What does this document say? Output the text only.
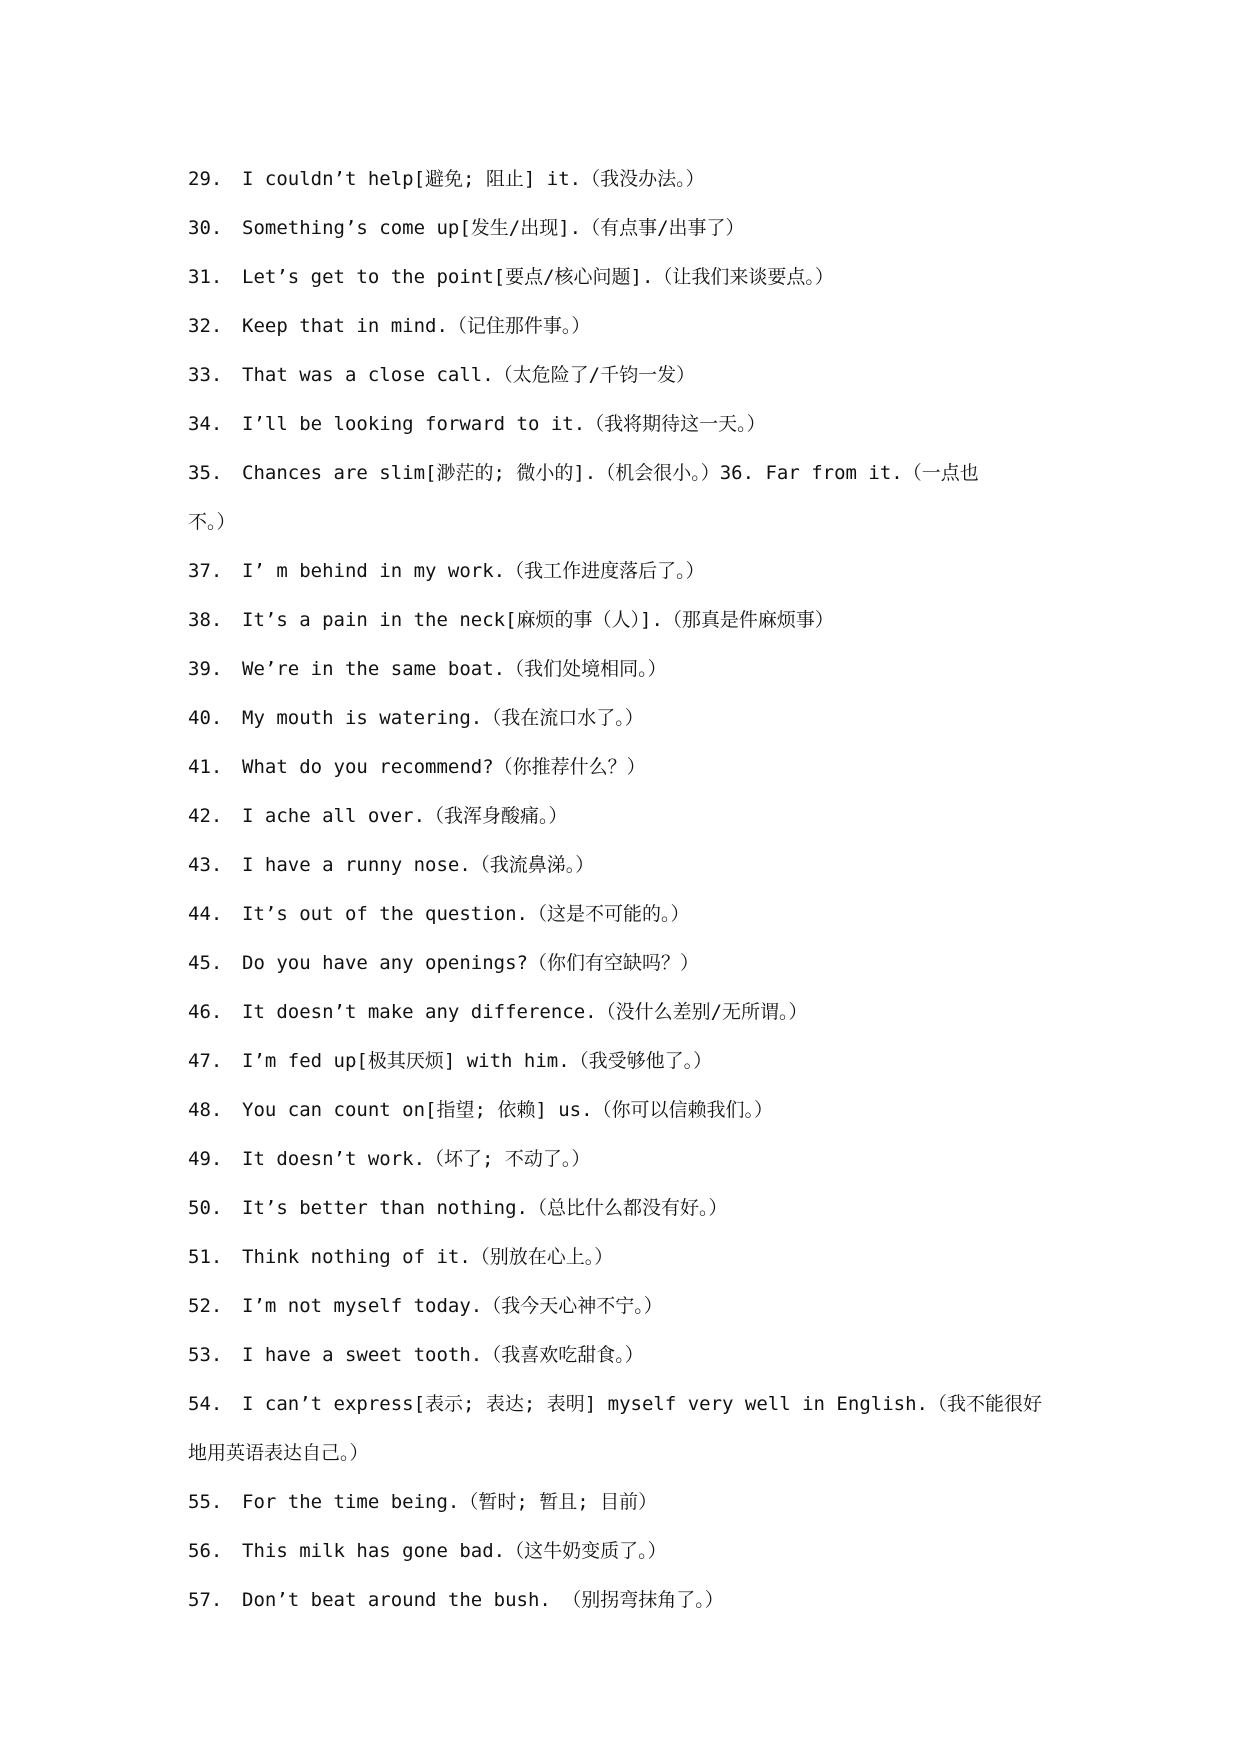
29. I couldn’t help[避免; 阻止] it.（我没办法。）
30. Something’s come up[发生/出现].（有点事/出事了）
31. Let’s get to the point[要点/核心问题].（让我们来谈要点。）
32. Keep that in mind.（记住那件事。）
33. That was a close call.（太危险了/千钧一发）
34. I’ll be looking forward to it.（我将期待这一天。）
35. Chances are slim[渺茫的; 微小的].（机会很小。）36. Far from it.（一点也
不。）
37. I’ m behind in my work.（我工作进度落后了。）
38. It’s a pain in the neck[麻烦的事（人）].（那真是件麻烦事）
39. We’re in the same boat.（我们处境相同。）
40. My mouth is watering.（我在流口水了。）
41. What do you recommend?（你推荐什么？）
42. I ache all over.（我浑身酸痛。）
43. I have a runny nose.（我流鼻涕。）
44. It’s out of the question.（这是不可能的。）
45. Do you have any openings?（你们有空缺吗？）
46. It doesn’t make any difference.（没什么差别/无所谓。）
47. I’m fed up[极其厌烦] with him.（我受够他了。）
48. You can count on[指望; 依赖] us.（你可以信赖我们。）
49. It doesn’t work.（坏了; 不动了。）
50. It’s better than nothing.（总比什么都没有好。）
51. Think nothing of it.（别放在心上。）
52. I’m not myself today.（我今天心神不宁。）
53. I have a sweet tooth.（我喜欢吃甜食。）
54. I can’t express[表示; 表达; 表明] myself very well in English.（我不能很好
地用英语表达自己。）
55. For the time being.（暂时; 暂且; 目前）
56. This milk has gone bad.（这牛奶变质了。）
57. Don’t beat around the bush. （别拐弯抹角了。）
